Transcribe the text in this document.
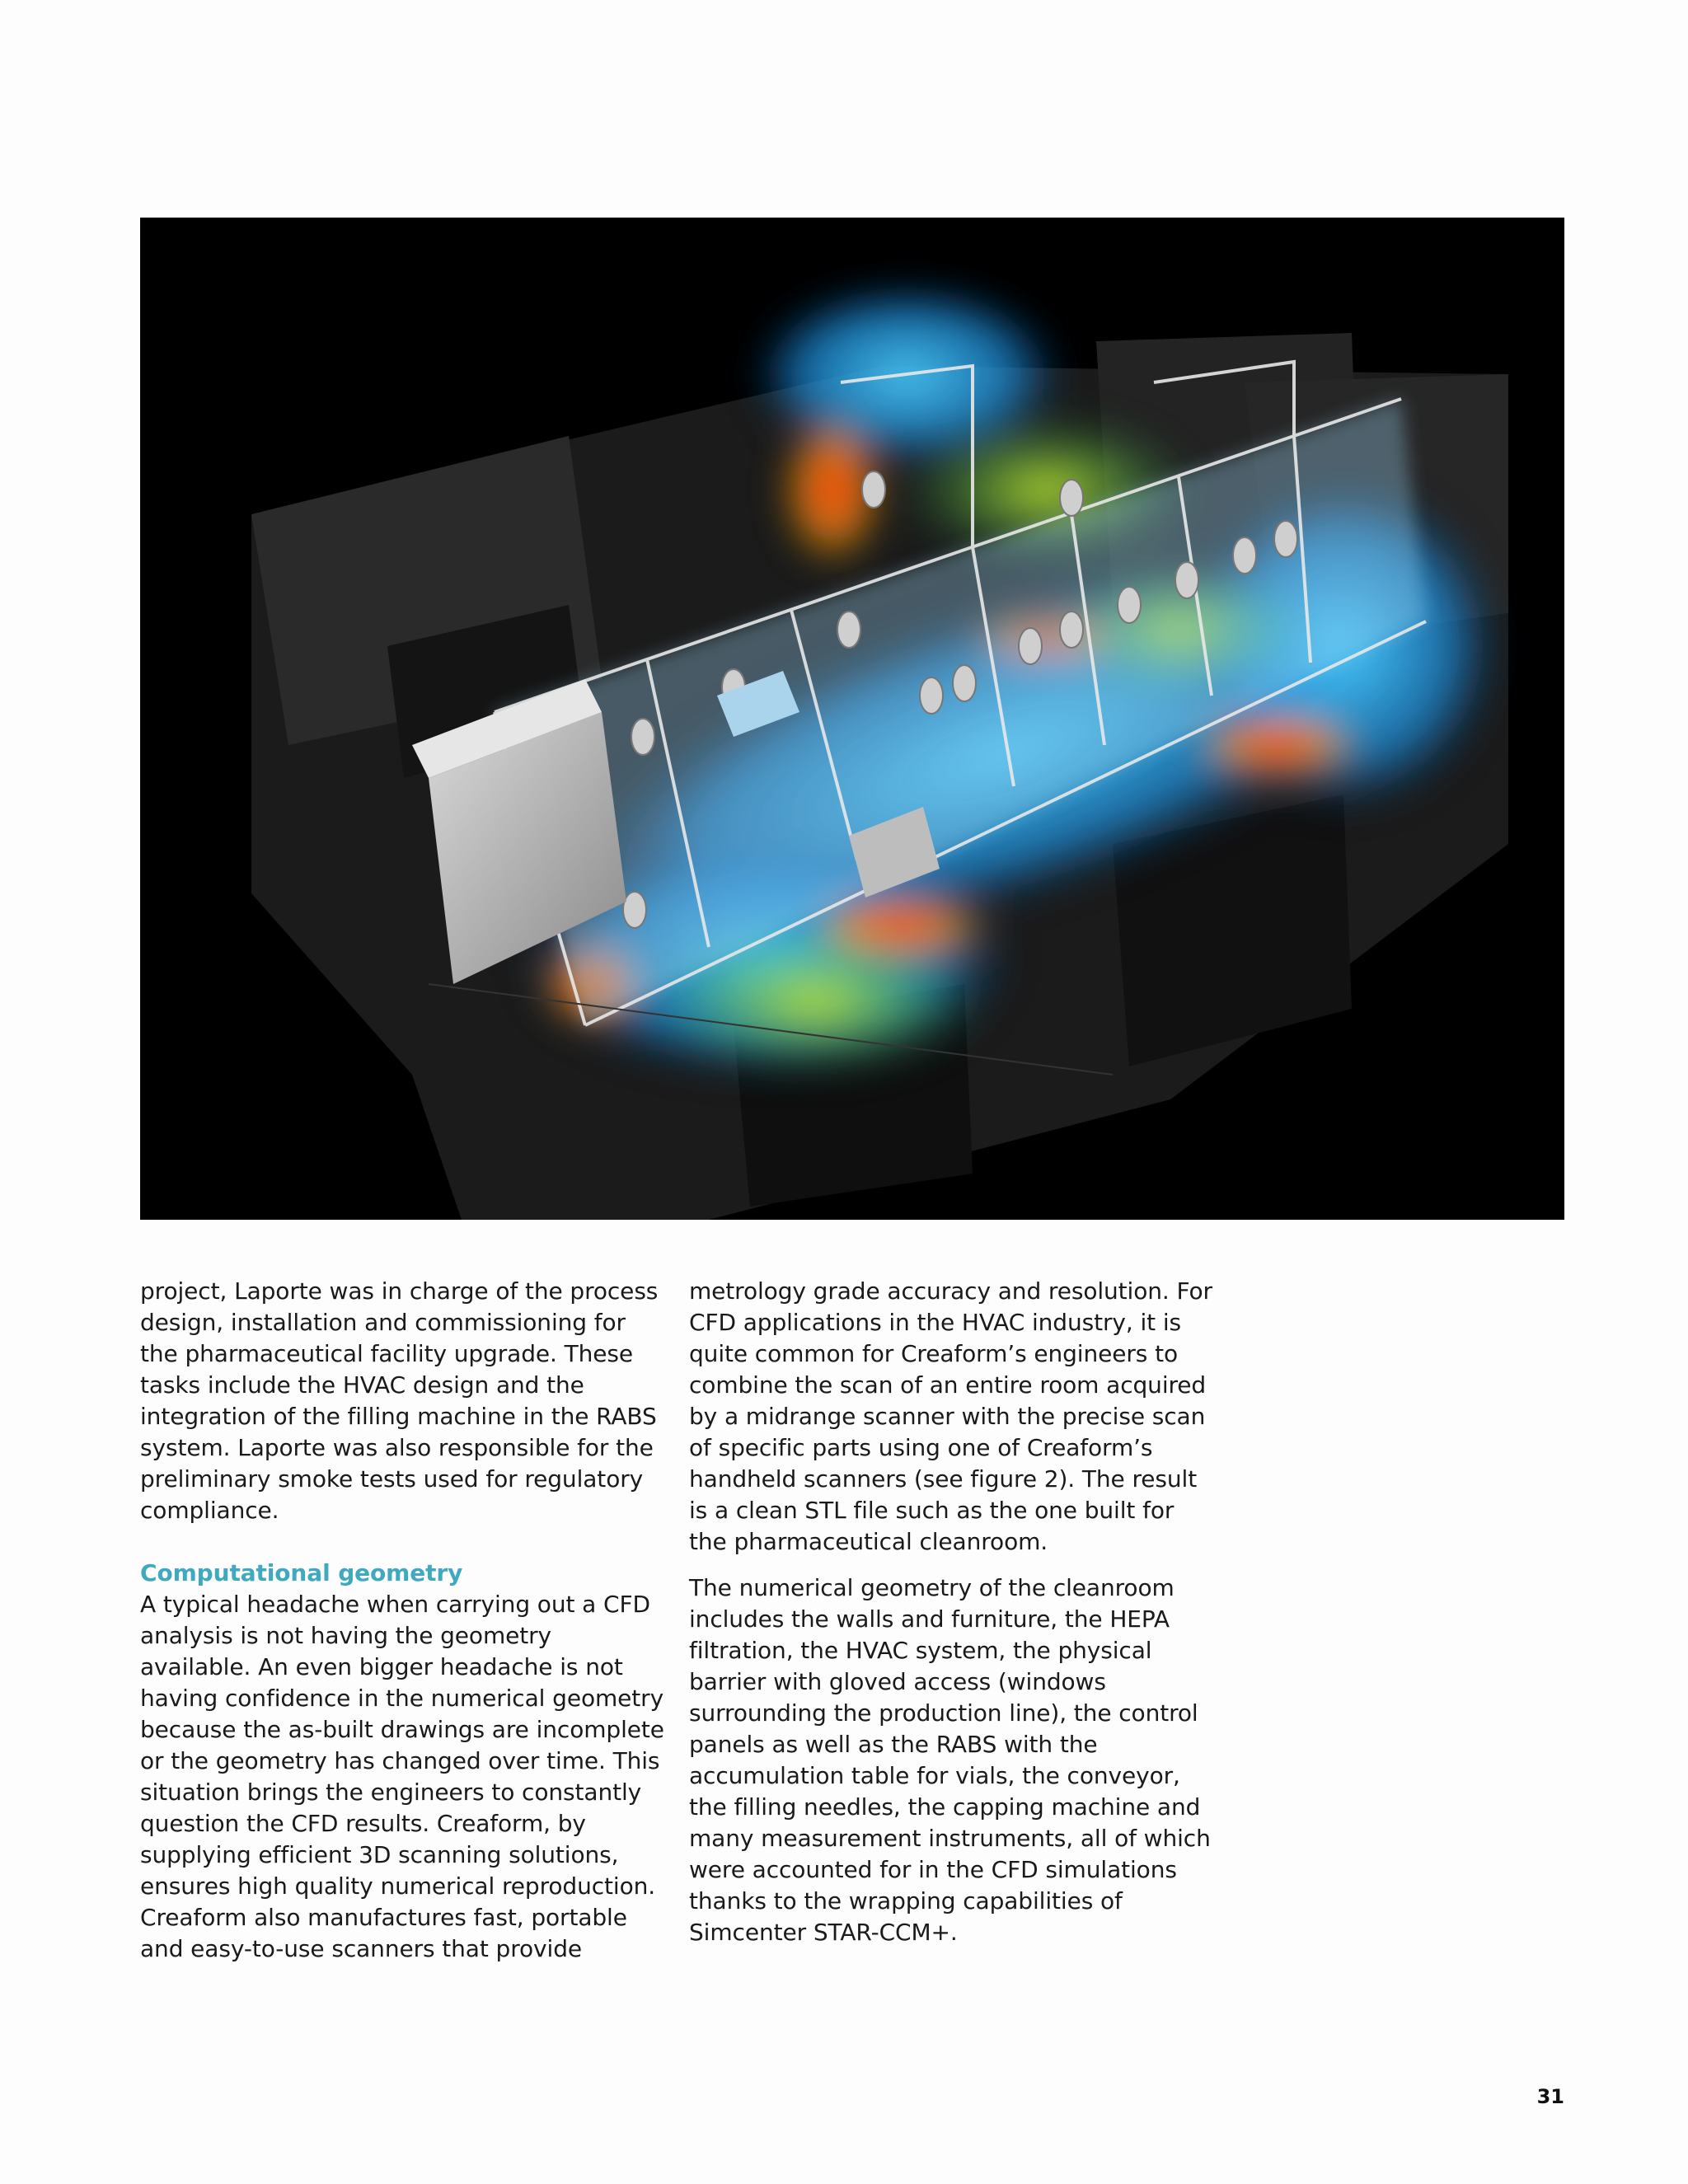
project, Laporte was in charge of the process design, installation and commissioning for the pharmaceutical facility upgrade. These tasks include the HVAC design and the integration of the filling machine in the RABS system. Laporte was also responsible for the preliminary smoke tests used for regulatory compliance.

Computational geometry

A typical headache when carrying out a CFD analysis is not having the geometry available. An even bigger headache is not having confidence in the numerical geometry because the as-built drawings are incomplete or the geometry has changed over time. This situation brings the engineers to constantly question the CFD results. Creaform, by supplying efficient 3D scanning solutions, ensures high quality numerical reproduction. Creaform also manufactures fast, portable and easy-to-use scanners that provide

metrology grade accuracy and resolution. For CFD applications in the HVAC industry, it is quite common for Creaform’s engineers to combine the scan of an entire room acquired by a midrange scanner with the precise scan of specific parts using one of Creaform’s handheld scanners (see figure 2). The result is a clean STL file such as the one built for the pharmaceutical cleanroom.

The numerical geometry of the cleanroom includes the walls and furniture, the HEPA filtration, the HVAC system, the physical barrier with gloved access (windows surrounding the production line), the control panels as well as the RABS with the accumulation table for vials, the conveyor, the filling needles, the capping machine and many measurement instruments, all of which were accounted for in the CFD simulations thanks to the wrapping capabilities of Simcenter STAR-CCM+.

31
